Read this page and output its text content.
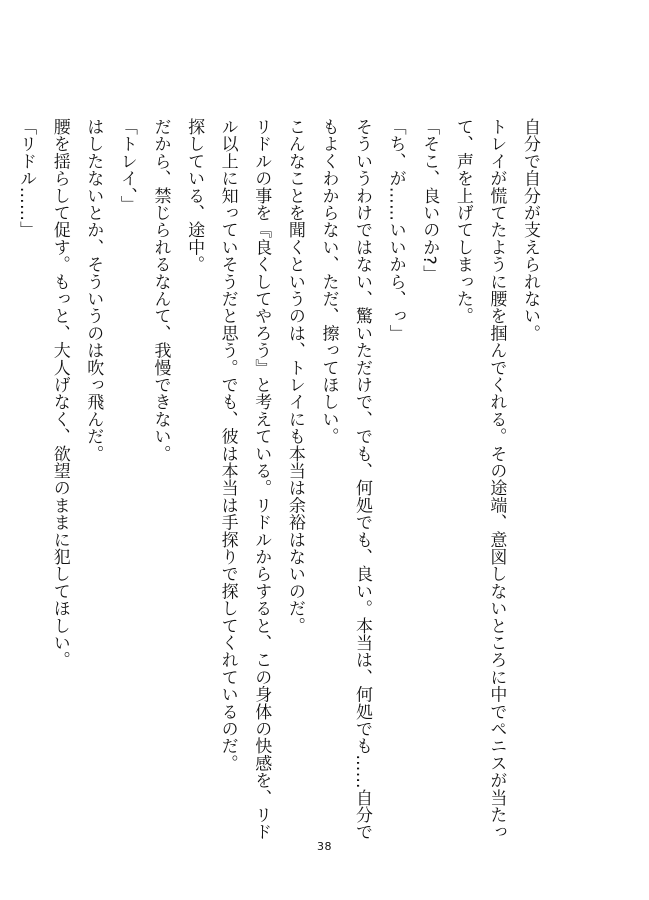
自分で自分が支えられない。
トレイが慌てたように腰を掴んでくれる。その途端、意図しないところに中でペニスが当たっ
て、声を上げてしまった。
「そこ、良いのか?」
「ち、が……いいから、っ」
そういうわけではない、驚いただけで、でも、何処でも、良い。本当は、何処でも……自分で
もよくわからない、ただ、擦ってほしい。
こんなことを聞くというのは、トレイにも本当は余裕はないのだ。
リドルの事を『良くしてやろう』と考えている。リドルからすると、この身体の快感を、リド
ル以上に知っていそうだと思う。でも、彼は本当は手探りで探してくれているのだ。
探している、途中。
だから、禁じられるなんて、我慢できない。
「トレイ、」
はしたないとか、そういうのは吹っ飛んだ。
腰を揺らして促す。もっと、大人げなく、欲望のままに犯してほしい。
「リドル……」
38
